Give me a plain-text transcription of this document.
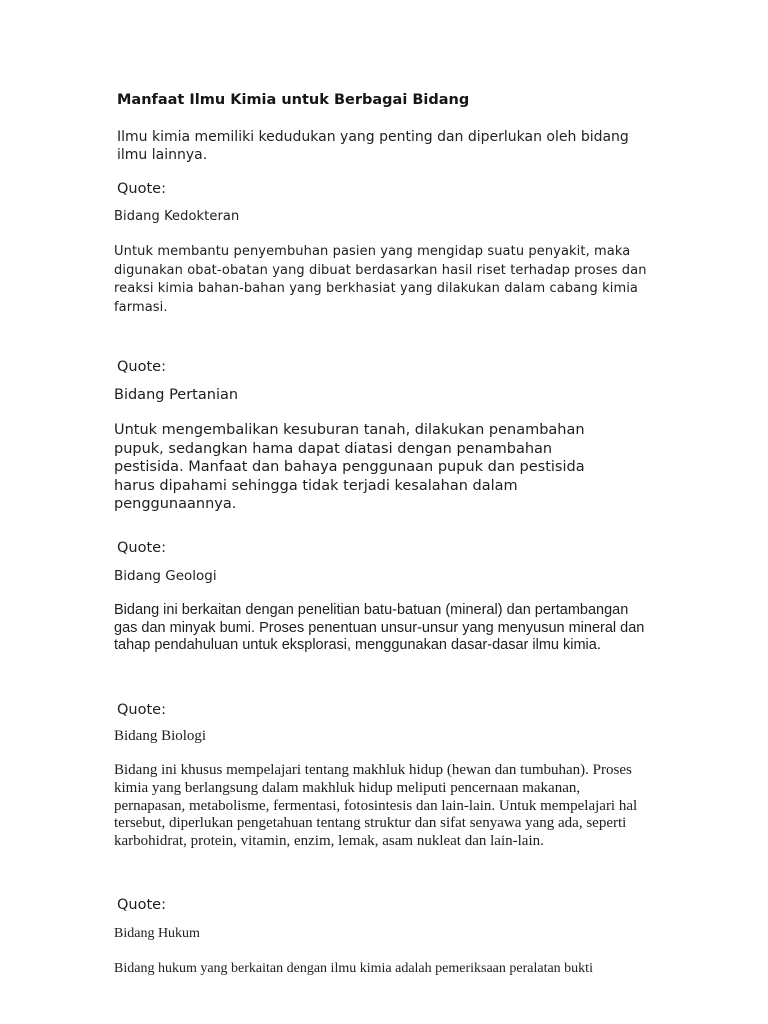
Manfaat Ilmu Kimia untuk Berbagai Bidang
Ilmu kimia memiliki kedudukan yang penting dan diperlukan oleh bidang ilmu lainnya.
Quote:
Bidang Kedokteran
Untuk membantu penyembuhan pasien yang mengidap suatu penyakit, maka digunakan obat-obatan yang dibuat berdasarkan hasil riset terhadap proses dan reaksi kimia bahan-bahan yang berkhasiat yang dilakukan dalam cabang kimia farmasi.
Quote:
Bidang Pertanian
Untuk mengembalikan kesuburan tanah, dilakukan penambahan pupuk, sedangkan hama dapat diatasi dengan penambahan pestisida. Manfaat dan bahaya penggunaan pupuk dan pestisida harus dipahami sehingga tidak terjadi kesalahan dalam penggunaannya.
Quote:
Bidang Geologi
Bidang ini berkaitan dengan penelitian batu-batuan (mineral) dan pertambangan gas dan minyak bumi. Proses penentuan unsur-unsur yang menyusun mineral dan tahap pendahuluan untuk eksplorasi, menggunakan dasar-dasar ilmu kimia.
Quote:
Bidang Biologi
Bidang ini khusus mempelajari tentang makhluk hidup (hewan dan tumbuhan). Proses kimia yang berlangsung dalam makhluk hidup meliputi pencernaan makanan, pernapasan, metabolisme, fermentasi, fotosintesis dan lain-lain. Untuk mempelajari hal tersebut, diperlukan pengetahuan tentang struktur dan sifat senyawa yang ada, seperti karbohidrat, protein, vitamin, enzim, lemak, asam nukleat dan lain-lain.
Quote:
Bidang Hukum
Bidang hukum yang berkaitan dengan ilmu kimia adalah pemeriksaan peralatan bukti
